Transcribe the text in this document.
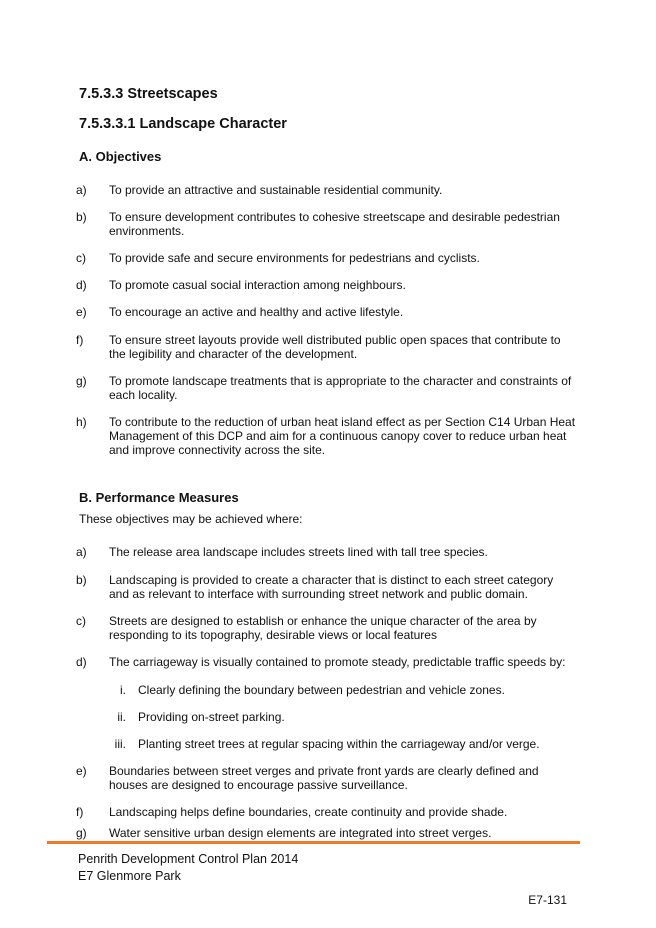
7.5.3.3 Streetscapes
7.5.3.3.1 Landscape Character
A. Objectives
a)	To provide an attractive and sustainable residential community.
b)	To ensure development contributes to cohesive streetscape and desirable pedestrian environments.
c)	To provide safe and secure environments for pedestrians and cyclists.
d)	To promote casual social interaction among neighbours.
e)	To encourage an active and healthy and active lifestyle.
f)	To ensure street layouts provide well distributed public open spaces that contribute to the legibility and character of the development.
g)	To promote landscape treatments that is appropriate to the character and constraints of each locality.
h)	To contribute to the reduction of urban heat island effect as per Section C14 Urban Heat Management of this DCP and aim for a continuous canopy cover to reduce urban heat and improve connectivity across the site.
B. Performance Measures

These objectives may be achieved where:

a)	The release area landscape includes streets lined with tall tree species.
b)	Landscaping is provided to create a character that is distinct to each street category and as relevant to interface with surrounding street network and public domain.
c)	Streets are designed to establish or enhance the unique character of the area by responding to its topography, desirable views or local features
d)	The carriageway is visually contained to promote steady, predictable traffic speeds by:
i. Clearly defining the boundary between pedestrian and vehicle zones.
ii. Providing on-street parking.
iii. Planting street trees at regular spacing within the carriageway and/or verge.
e)	Boundaries between street verges and private front yards are clearly defined and houses are designed to encourage passive surveillance.
f)	Landscaping helps define boundaries, create continuity and provide shade.
g)	Water sensitive urban design elements are integrated into street verges.
Penrith Development Control Plan 2014
E7 Glenmore Park
E7-131
